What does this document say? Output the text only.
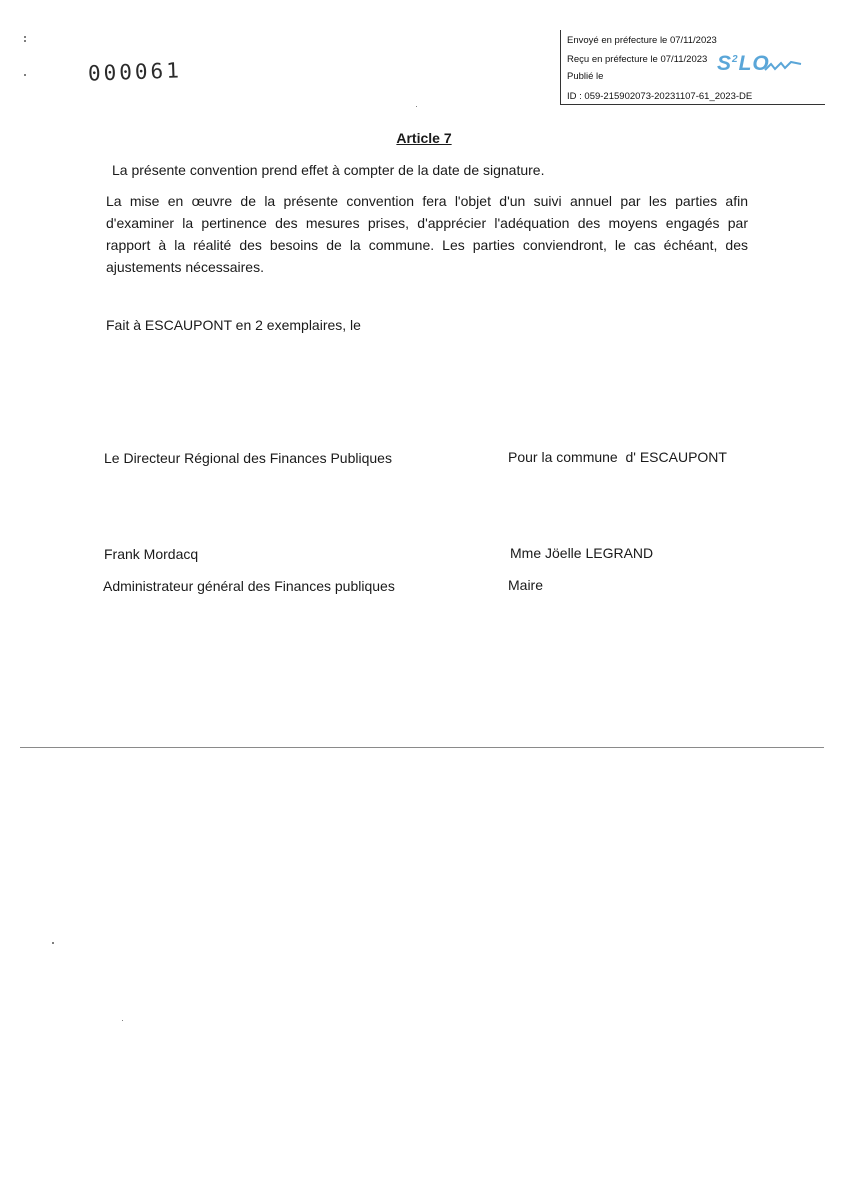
000061
Envoyé en préfecture le 07/11/2023
Reçu en préfecture le 07/11/2023
Publié le
ID : 059-215902073-20231107-61_2023-DE
$S^2LO$
Article 7
La présente convention prend effet à compter de la date de signature.
La mise en œuvre de la présente convention fera l'objet d'un suivi annuel par les parties afin
d'examiner la pertinence des mesures prises, d'apprécier l'adéquation des moyens engagés par
rapport à la réalité des besoins de la commune. Les parties conviendront, le cas échéant, des
ajustements nécessaires.
Fait à ESCAUPONT en 2 exemplaires, le
Le Directeur Régional des Finances Publiques	Pour la commune  d' ESCAUPONT
Frank Mordacq	Mme Jöelle LEGRAND
Administrateur général des Finances publiques	Maire
